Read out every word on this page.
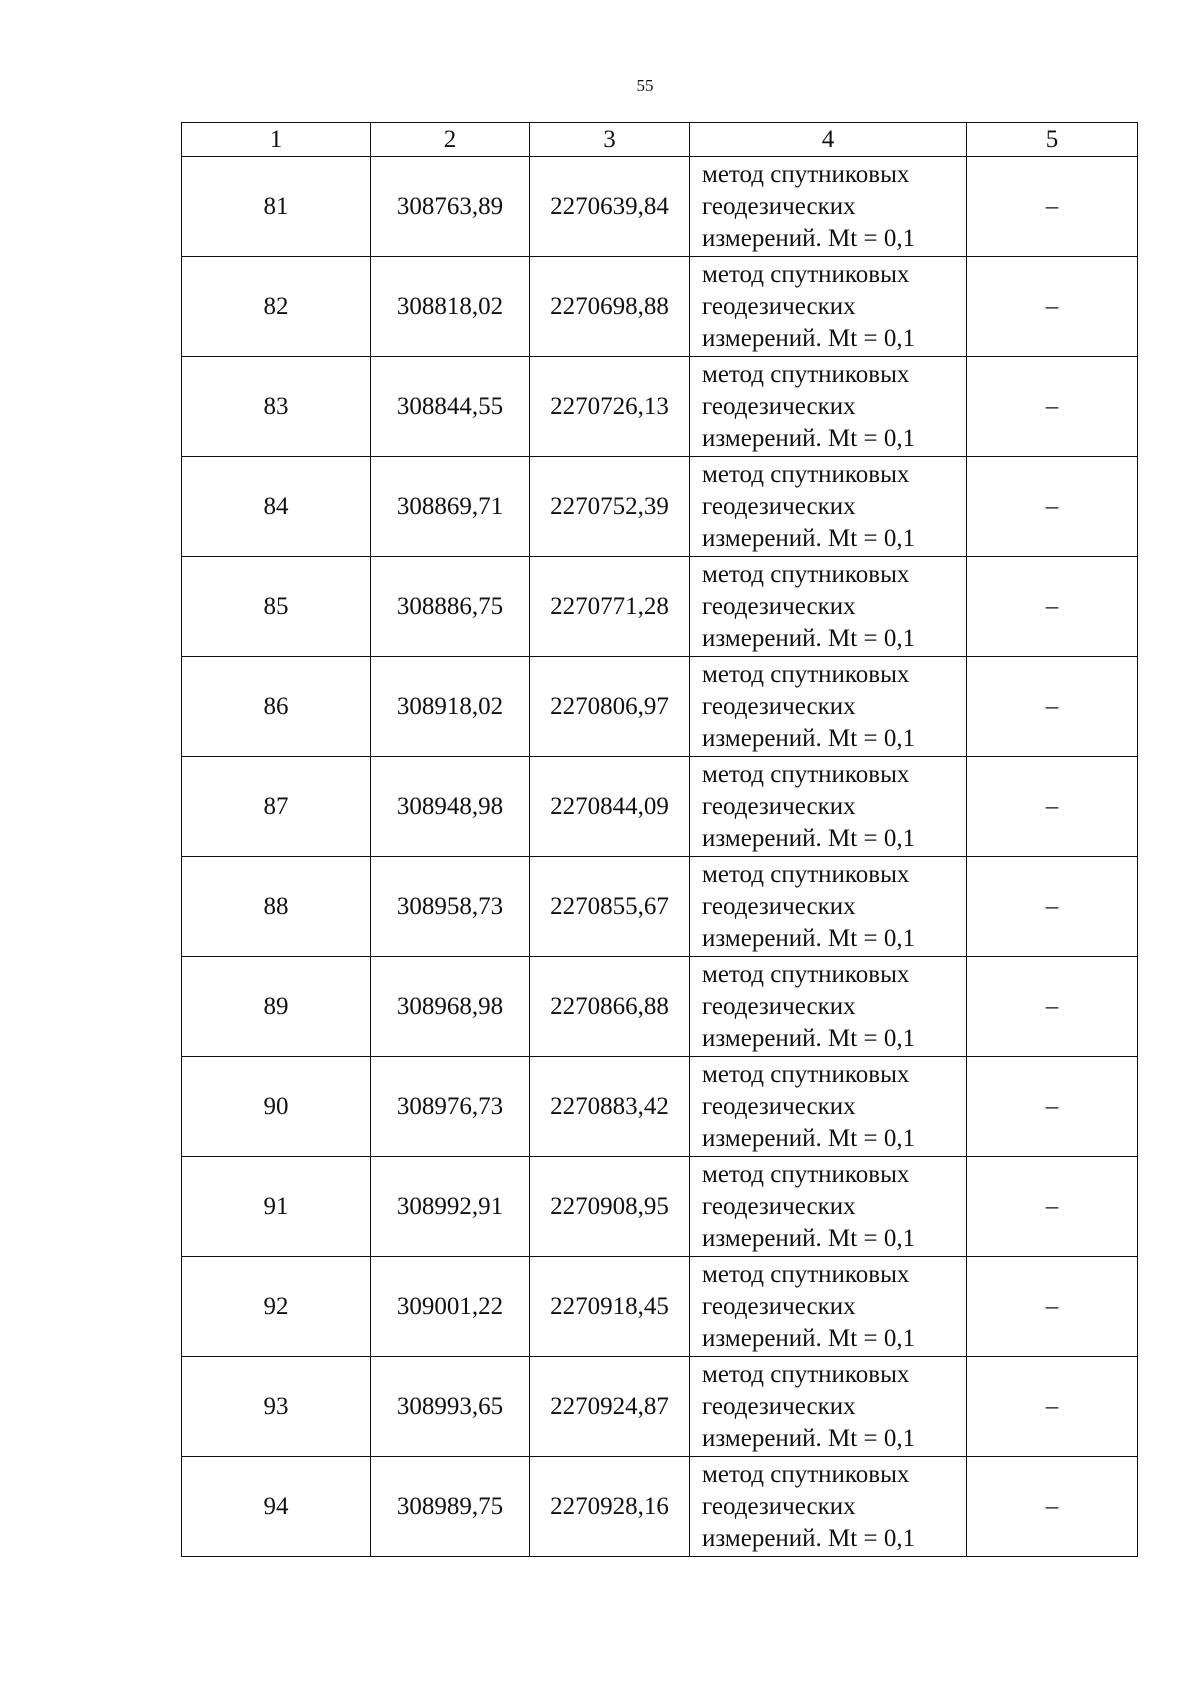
55
1	2	3	4	5
81	308763,89	2270639,84	метод спутниковых
геодезических
измерений. Mt = 0,1	–
82	308818,02	2270698,88	метод спутниковых
геодезических
измерений. Mt = 0,1	–
83	308844,55	2270726,13	метод спутниковых
геодезических
измерений. Mt = 0,1	–
84	308869,71	2270752,39	метод спутниковых
геодезических
измерений. Mt = 0,1	–
85	308886,75	2270771,28	метод спутниковых
геодезических
измерений. Mt = 0,1	–
86	308918,02	2270806,97	метод спутниковых
геодезических
измерений. Mt = 0,1	–
87	308948,98	2270844,09	метод спутниковых
геодезических
измерений. Mt = 0,1	–
88	308958,73	2270855,67	метод спутниковых
геодезических
измерений. Mt = 0,1	–
89	308968,98	2270866,88	метод спутниковых
геодезических
измерений. Mt = 0,1	–
90	308976,73	2270883,42	метод спутниковых
геодезических
измерений. Mt = 0,1	–
91	308992,91	2270908,95	метод спутниковых
геодезических
измерений. Mt = 0,1	–
92	309001,22	2270918,45	метод спутниковых
геодезических
измерений. Mt = 0,1	–
93	308993,65	2270924,87	метод спутниковых
геодезических
измерений. Mt = 0,1	–
94	308989,75	2270928,16	метод спутниковых
геодезических
измерений. Mt = 0,1	–
